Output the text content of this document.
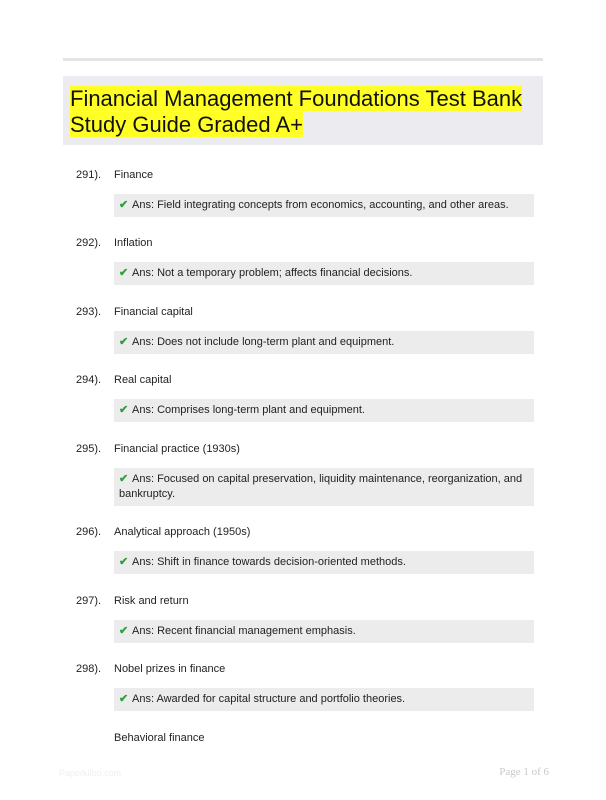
Financial Management Foundations Test Bank Study Guide Graded A+
291). Finance
✔ Ans: Field integrating concepts from economics, accounting, and other areas.
292). Inflation
✔ Ans: Not a temporary problem; affects financial decisions.
293). Financial capital
✔ Ans: Does not include long-term plant and equipment.
294). Real capital
✔ Ans: Comprises long-term plant and equipment.
295). Financial practice (1930s)
✔ Ans: Focused on capital preservation, liquidity maintenance, reorganization, and bankruptcy.
296). Analytical approach (1950s)
✔ Ans: Shift in finance towards decision-oriented methods.
297). Risk and return
✔ Ans: Recent financial management emphasis.
298). Nobel prizes in finance
✔ Ans: Awarded for capital structure and portfolio theories.
Behavioral finance
Paperkilbo.com	Page 1 of 6
